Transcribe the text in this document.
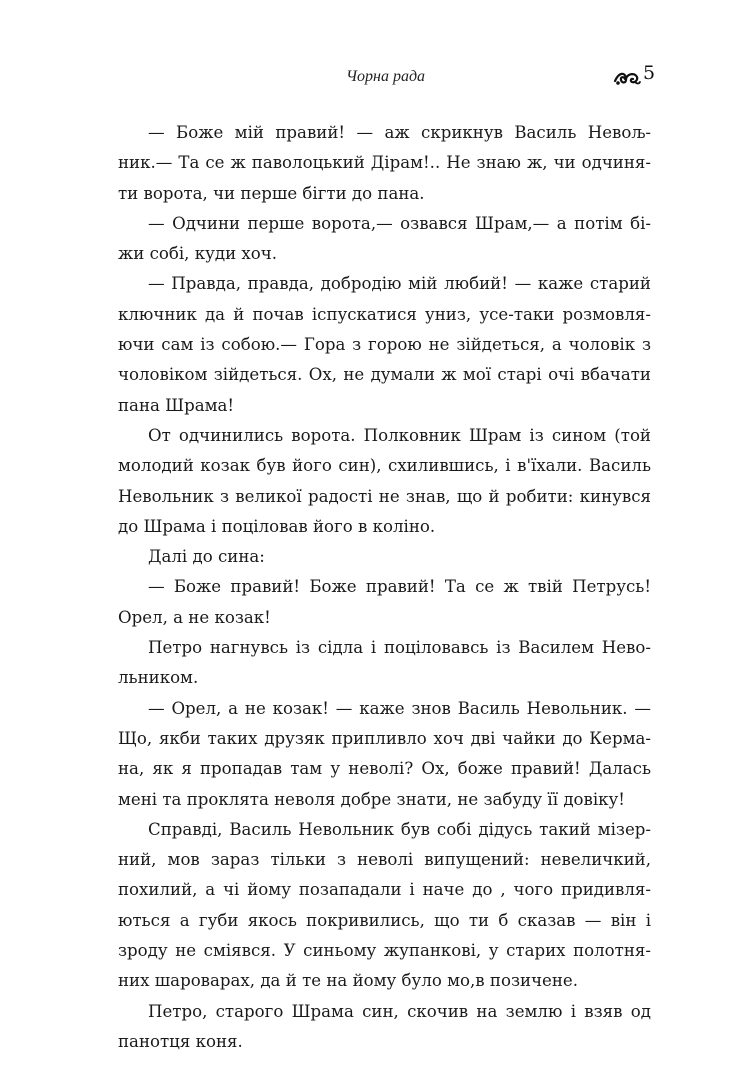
Чорна рада	5
— Боже мій правий! — аж скрикнув Василь Невољ-
ник.— Та се ж паволоцький Дірам!.. Не знаю ж, чи одчиня-
ти ворота, чи перше бігти до пана.
— Одчини перше ворота,— озвався Шрам,— а потім бі-
жи собі, куди хоч.
— Правда, правда, добродію мій любий! — каже старий
ключник да й почав іспускатися униз, усе-таки розмовля-
ючи сам із собою.— Гора з горою не зійдеться, а чоловік з
чоловіком зійдеться. Ох, не думали ж мої старі очі вбачати
пана Шрама!
От одчинились ворота. Полковник Шрам із сином (той
молодий козак був його син), схилившись, і в'їхали. Василь
Невольник з великої радості не знав, що й робити: кинувся
до Шрама і поціловав його в коліно.
Далі до сина:
— Боже правий! Боже правий! Та се ж твій Петрусь!
Орел, а не козак!
Петро нагнувсь із сідла і поціловавсь із Василем Нево-
льником.
— Орел, а не козак! — каже знов Василь Невольник. —
Що, якби таких друзяк припливло хоч дві чайки до Керма-
на, як я пропадав там у неволі? Ох, боже правий! Далась
мені та проклята неволя добре знати, не забуду її довіку!
Справді, Василь Невольник був собі дідусь такий мізер-
ний, мов зараз тільки з неволі випущений: невеличкий,
похилий, а чі йому позападали і наче до , чого придивля-
ються а губи якось покривились, що ти б сказав — він і
зроду не сміявся. У синьому жупанкові, у старих полотня-
них шароварах, да й те на йому було мо,в позичене.
Петро, старого Шрама син, скочив на землю і взяв од
панотця коня.
